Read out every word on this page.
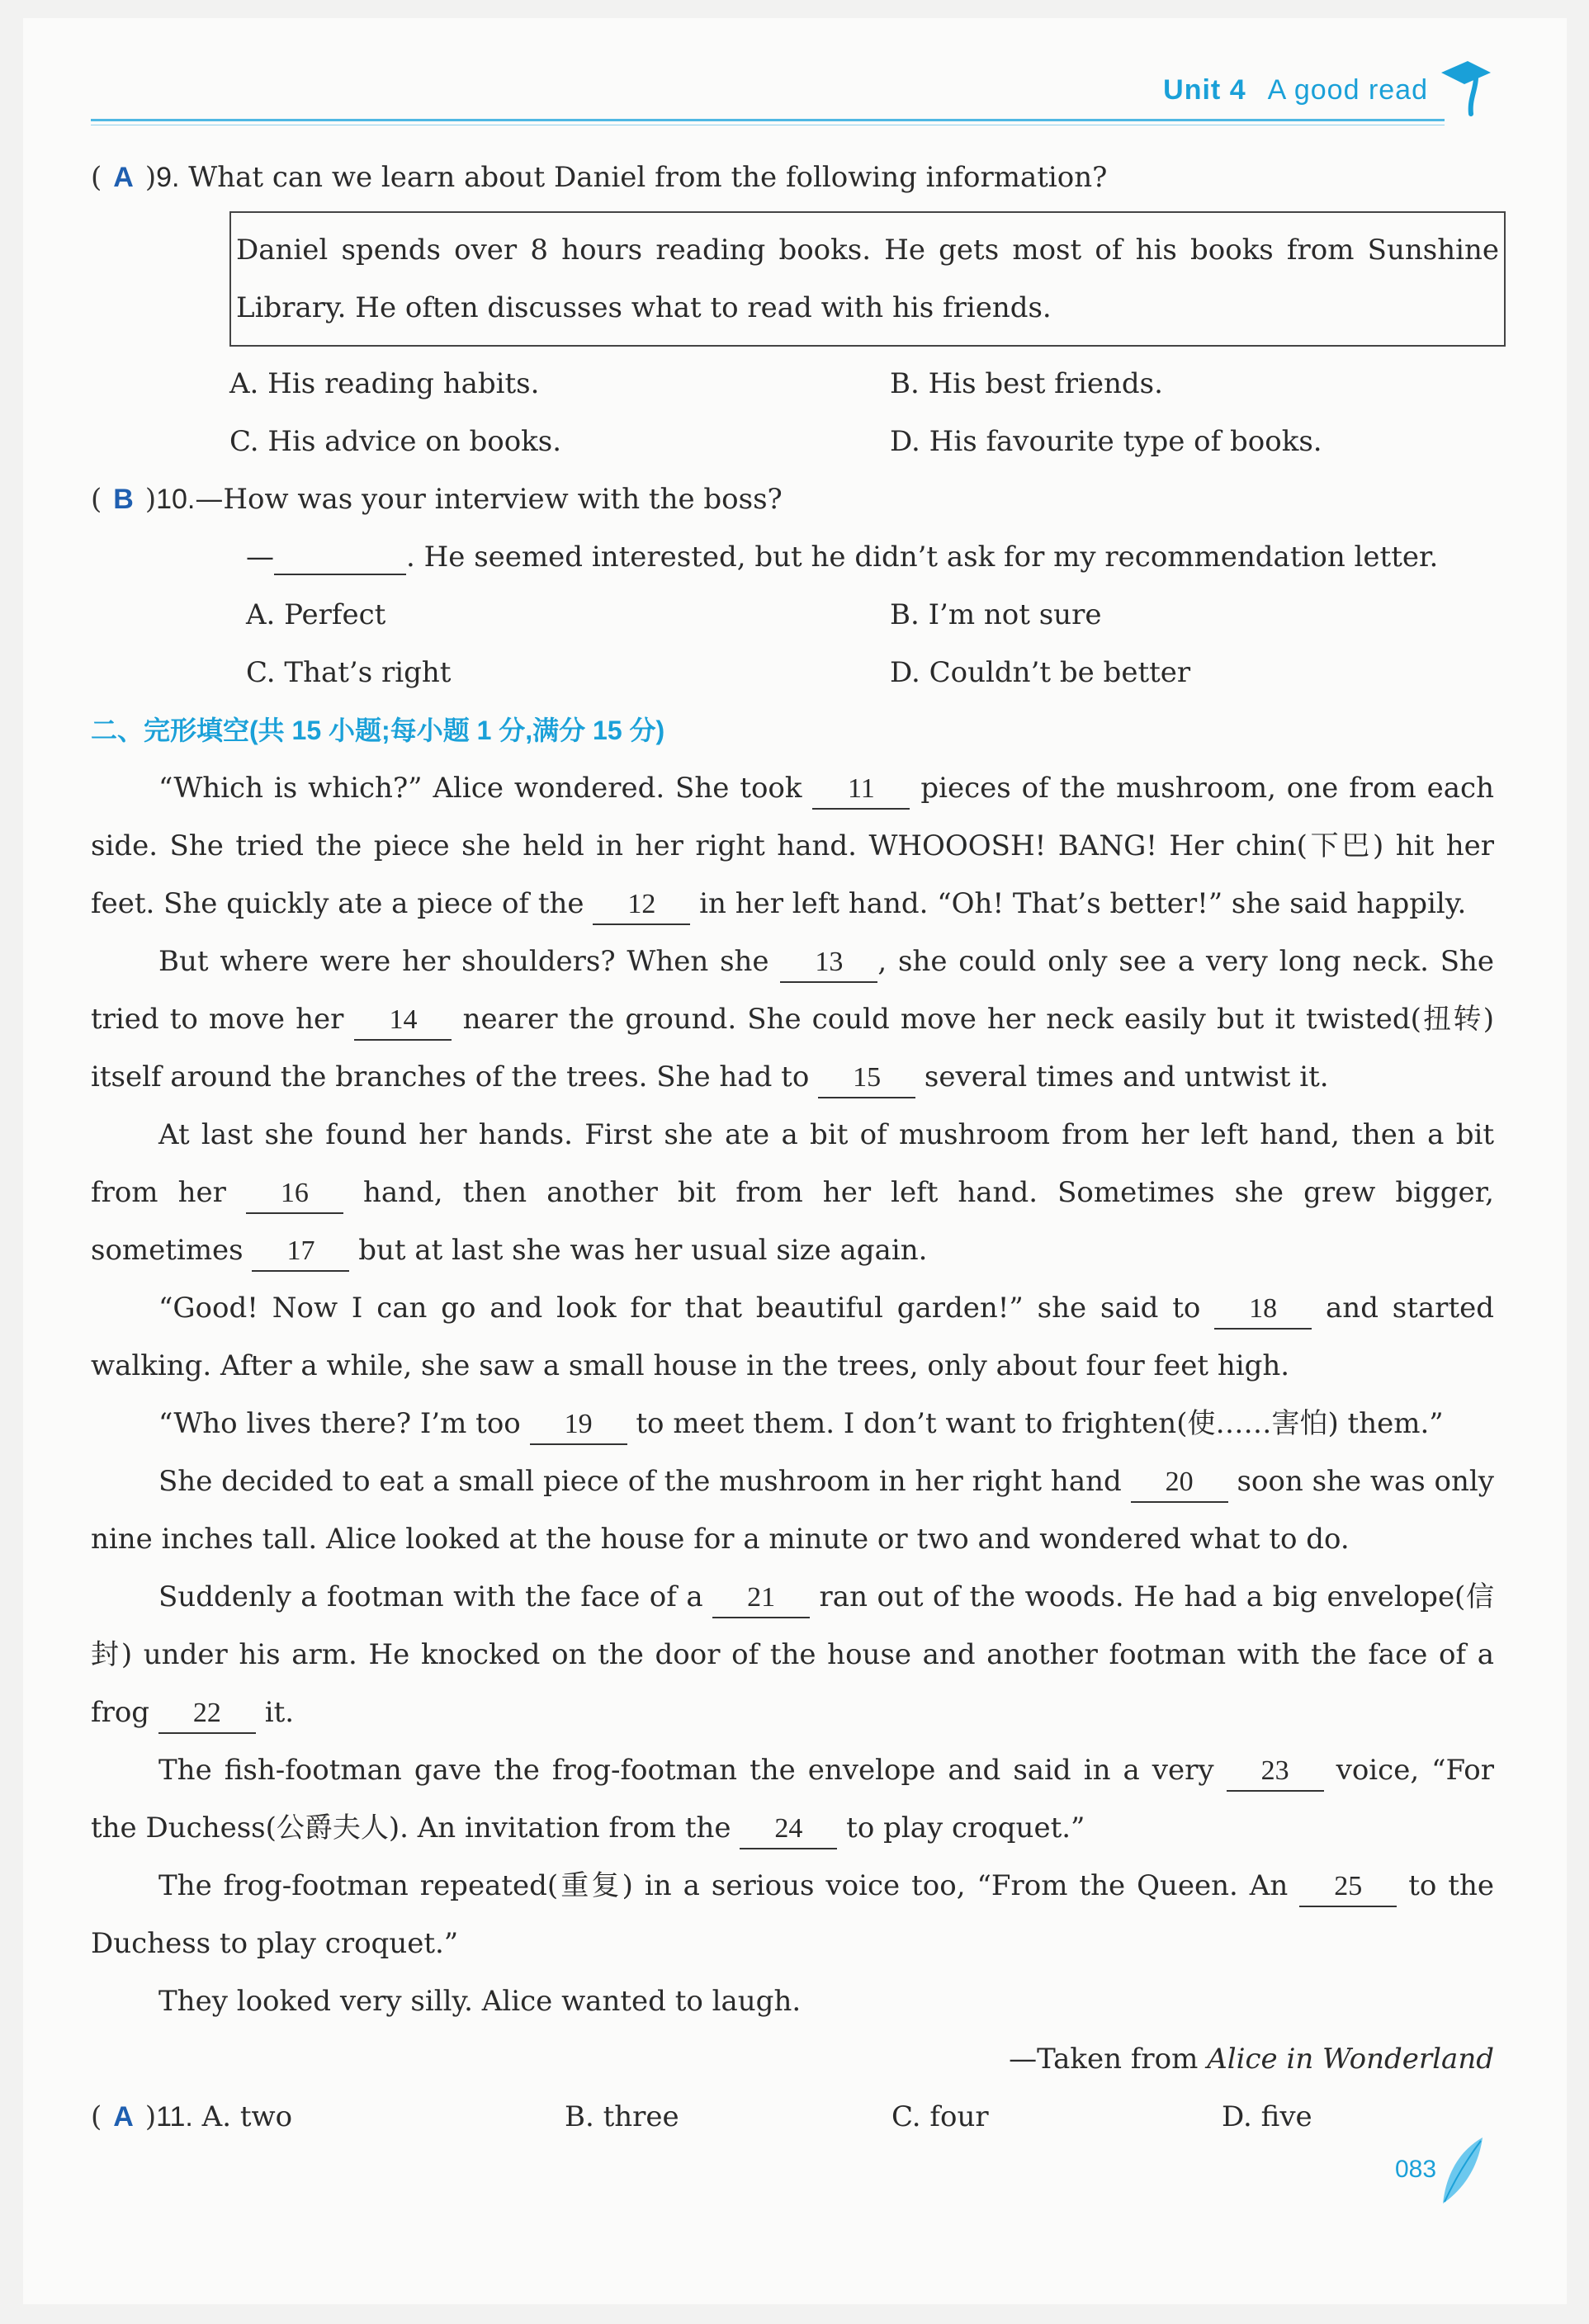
Unit 4 A good read
( A )9. What can we learn about Daniel from the following information?
Daniel spends over 8 hours reading books. He gets most of his books from Sunshine Library. He often discusses what to read with his friends.
A. His reading habits.	B. His best friends.
C. His advice on books.	D. His favourite type of books.
( B )10.—How was your interview with the boss?
—	. He seemed interested, but he didn’t ask for my recommendation letter.
A. Perfect	B. I’m not sure
C. That’s right	D. Couldn’t be better
二、完形填空(共 15 小题;每小题 1 分,满分 15 分)

“Which is which?” Alice wondered. She took 11 pieces of the mushroom, one from each side. She tried the piece she held in her right hand. WHOOOSH! BANG! Her chin(下巴) hit her feet. She quickly ate a piece of the 12 in her left hand. “Oh! That’s better!” she said happily.

But where were her shoulders? When she 13 , she could only see a very long neck. She tried to move her 14 nearer the ground. She could move her neck easily but it twisted(扭转) itself around the branches of the trees. She had to 15 several times and untwist it.

At last she found her hands. First she ate a bit of mushroom from her left hand, then a bit from her 16 hand, then another bit from her left hand. Sometimes she grew bigger, sometimes 17 but at last she was her usual size again.

“Good! Now I can go and look for that beautiful garden!” she said to 18 and started walking. After a while, she saw a small house in the trees, only about four feet high.

“Who lives there? I’m too 19 to meet them. I don’t want to frighten(使……害怕) them.”

She decided to eat a small piece of the mushroom in her right hand 20 soon she was only nine inches tall. Alice looked at the house for a minute or two and wondered what to do.

Suddenly a footman with the face of a 21 ran out of the woods. He had a big envelope(信封) under his arm. He knocked on the door of the house and another footman with the face of a frog 22 it.

The fish-footman gave the frog-footman the envelope and said in a very 23 voice, “For the Duchess(公爵夫人). An invitation from the 24 to play croquet.”

The frog-footman repeated(重复) in a serious voice too, “From the Queen. An 25 to the Duchess to play croquet.”

They looked very silly. Alice wanted to laugh.

—Taken from Alice in Wonderland
( A )11. A. two	B. three	C. four	D. five
083
